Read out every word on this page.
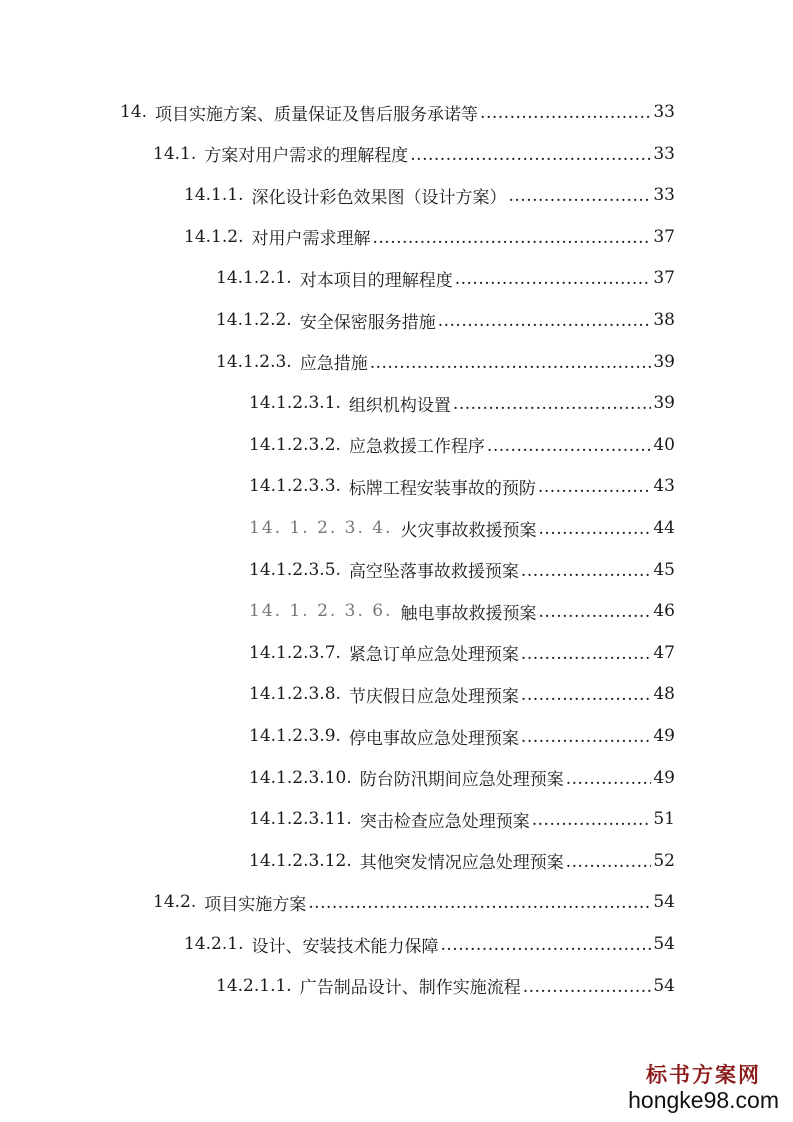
14. 项目实施方案、质量保证及售后服务承诺等 .....	33
14.1. 方案对用户需求的理解程度 .....	33
14.1.1. 深化设计彩色效果图（设计方案） .....	33
14.1.2. 对用户需求理解 .....	37
14.1.2.1. 对本项目的理解程度 .....	37
14.1.2.2. 安全保密服务措施 .....	38
14.1.2.3. 应急措施 .....	39
14.1.2.3.1. 组织机构设置 .....	39
14.1.2.3.2. 应急救援工作程序 .....	40
14.1.2.3.3. 标牌工程安装事故的预防 .....	43
14. 1. 2. 3. 4. 火灾事故救援预案 .....	44
14.1.2.3.5. 高空坠落事故救援预案 .....	45
14. 1. 2. 3. 6. 触电事故救援预案 .....	46
14.1.2.3.7. 紧急订单应急处理预案 .....	47
14.1.2.3.8. 节庆假日应急处理预案 .....	48
14.1.2.3.9. 停电事故应急处理预案 .....	49
14.1.2.3.10. 防台防汛期间应急处理预案 .....	49
14.1.2.3.11. 突击检查应急处理预案 .....	51
14.1.2.3.12. 其他突发情况应急处理预案 .....	52
14.2. 项目实施方案 .....	54
14.2.1. 设计、安装技术能力保障 .....	54
14.2.1.1. 广告制品设计、制作实施流程 .....	54
标书方案网
hongke98.com
